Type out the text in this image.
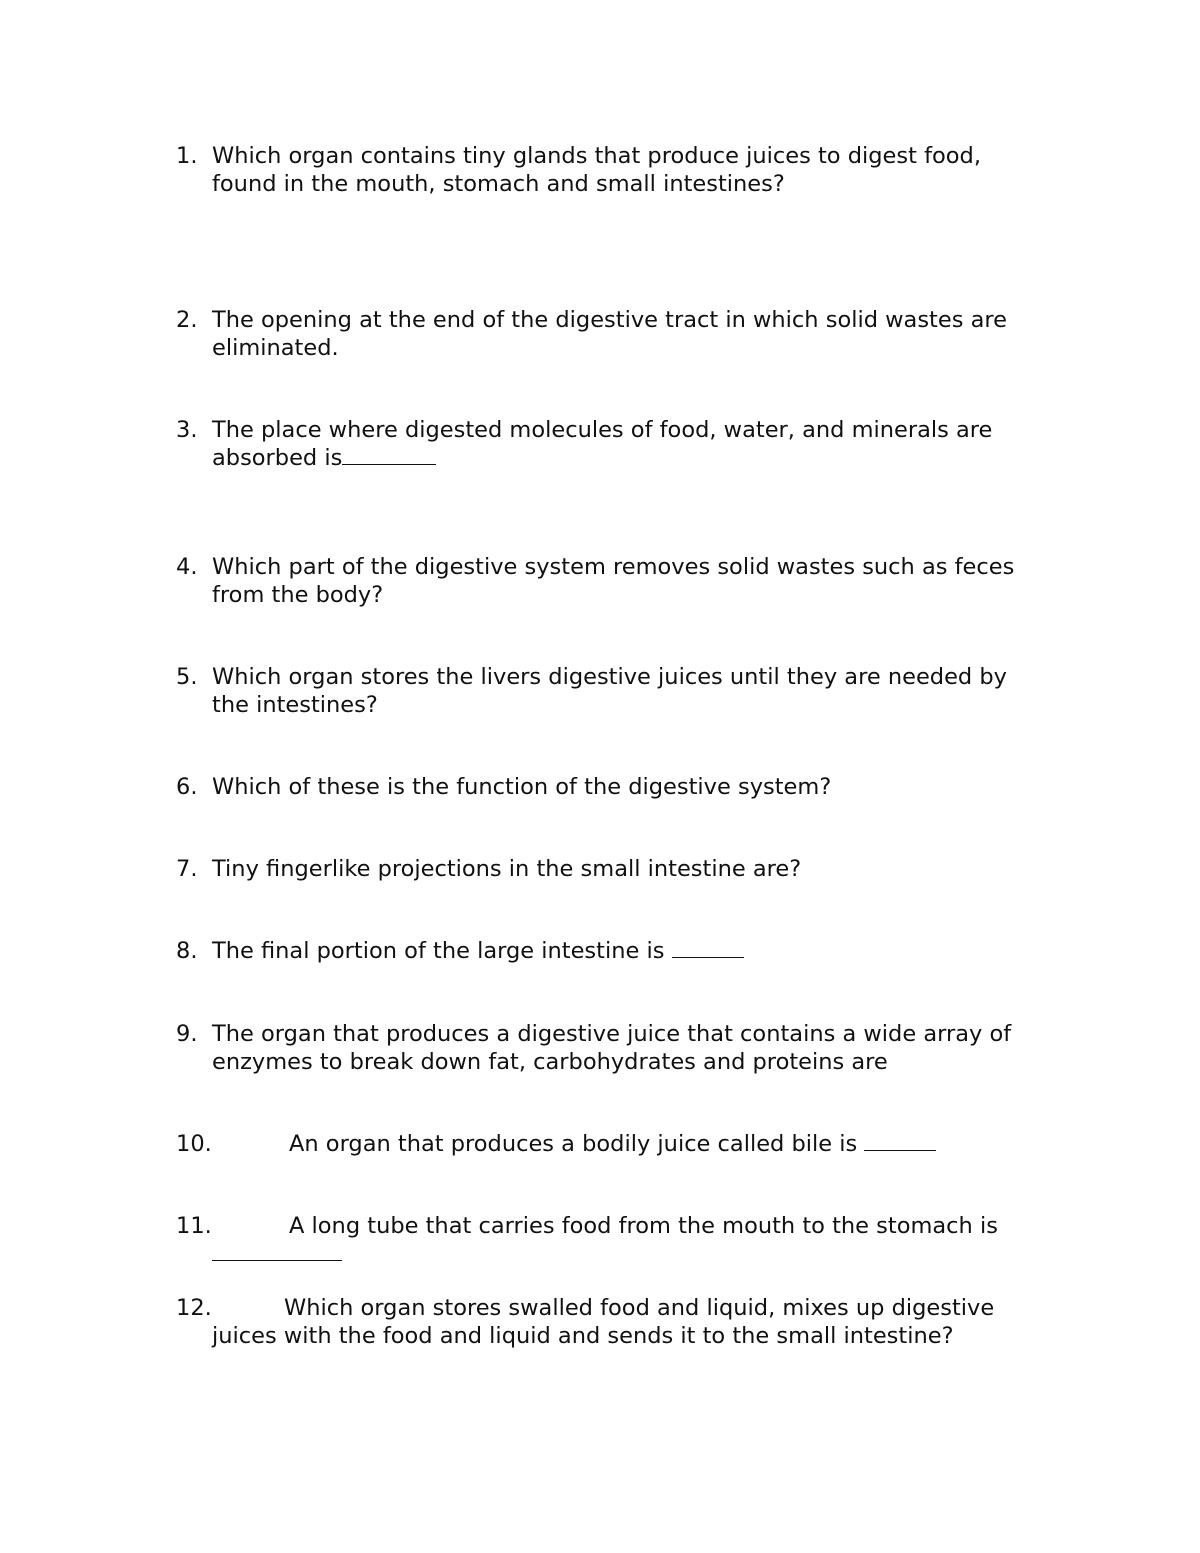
1. Which organ contains tiny glands that produce juices to digest food,
found in the mouth, stomach and small intestines?
2. The opening at the end of the digestive tract in which solid wastes are
eliminated.
3. The place where digested molecules of food, water, and minerals are
absorbed is
4. Which part of the digestive system removes solid wastes such as feces
from the body?
5. Which organ stores the livers digestive juices until they are needed by
the intestines?
6. Which of these is the function of the digestive system?
7. Tiny fingerlike projections in the small intestine are?
8. The final portion of the large intestine is
9. The organ that produces a digestive juice that contains a wide array of
enzymes to break down fat, carbohydrates and proteins are
10.	An organ that produces a bodily juice called bile is
11.	A long tube that carries food from the mouth to the stomach is
12.	Which organ stores swalled food and liquid, mixes up digestive
juices with the food and liquid and sends it to the small intestine?
